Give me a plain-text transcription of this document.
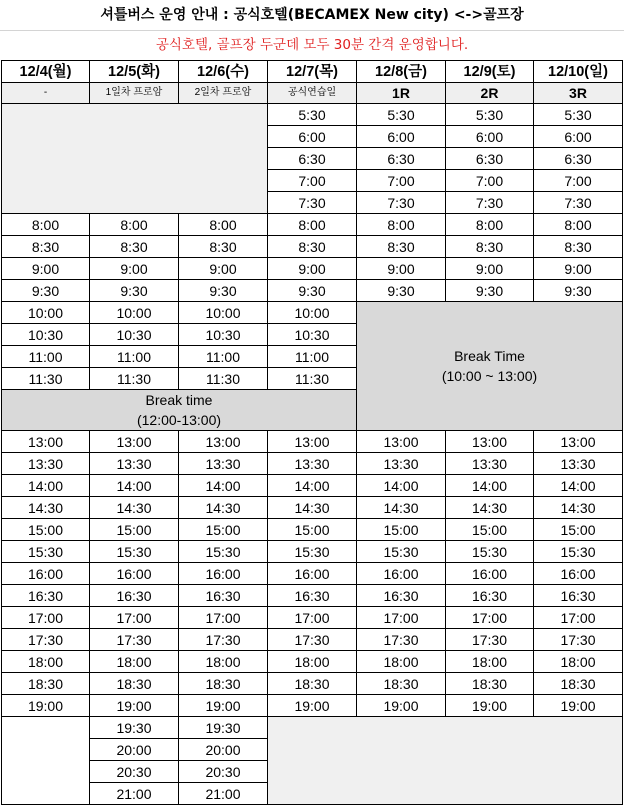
셔틀버스 운영 안내 : 공식호텔(BECAMEX New city) <->골프장
공식호텔, 골프장 두군데 모두 30분 간격 운영합니다.
12/4(월)	12/5(화)	12/6(수)	12/7(목)	12/8(금)	12/9(토)	12/10(일)
-	1일차 프로암	2일차 프로암	공식연습일	1R	2R	3R
			5:30	5:30	5:30	5:30
			6:00	6:00	6:00	6:00
			6:30	6:30	6:30	6:30
			7:00	7:00	7:00	7:00
			7:30	7:30	7:30	7:30
8:00	8:00	8:00	8:00	8:00	8:00	8:00
8:30	8:30	8:30	8:30	8:30	8:30	8:30
9:00	9:00	9:00	9:00	9:00	9:00	9:00
9:30	9:30	9:30	9:30	9:30	9:30	9:30
10:00	10:00	10:00	10:00	Break Time
(10:00 ~ 13:00)		

10:30	10:30	10:30	10:30			
11:00	11:00	11:00	11:00			
11:30	11:30	11:30	11:30			

Break time
(12:00-13:00)						

13:00	13:00	13:00	13:00	13:00	13:00	13:00
13:30	13:30	13:30	13:30	13:30	13:30	13:30
14:00	14:00	14:00	14:00	14:00	14:00	14:00
14:30	14:30	14:30	14:30	14:30	14:30	14:30
15:00	15:00	15:00	15:00	15:00	15:00	15:00
15:30	15:30	15:30	15:30	15:30	15:30	15:30
16:00	16:00	16:00	16:00	16:00	16:00	16:00
16:30	16:30	16:30	16:30	16:30	16:30	16:30
17:00	17:00	17:00	17:00	17:00	17:00	17:00
17:30	17:30	17:30	17:30	17:30	17:30	17:30
18:00	18:00	18:00	18:00	18:00	18:00	18:00
18:30	18:30	18:30	18:30	18:30	18:30	18:30
19:00	19:00	19:00	19:00	19:00	19:00	19:00
	19:30	19:30				
	20:00	20:00				
	20:30	20:30				
	21:00	21:00				
